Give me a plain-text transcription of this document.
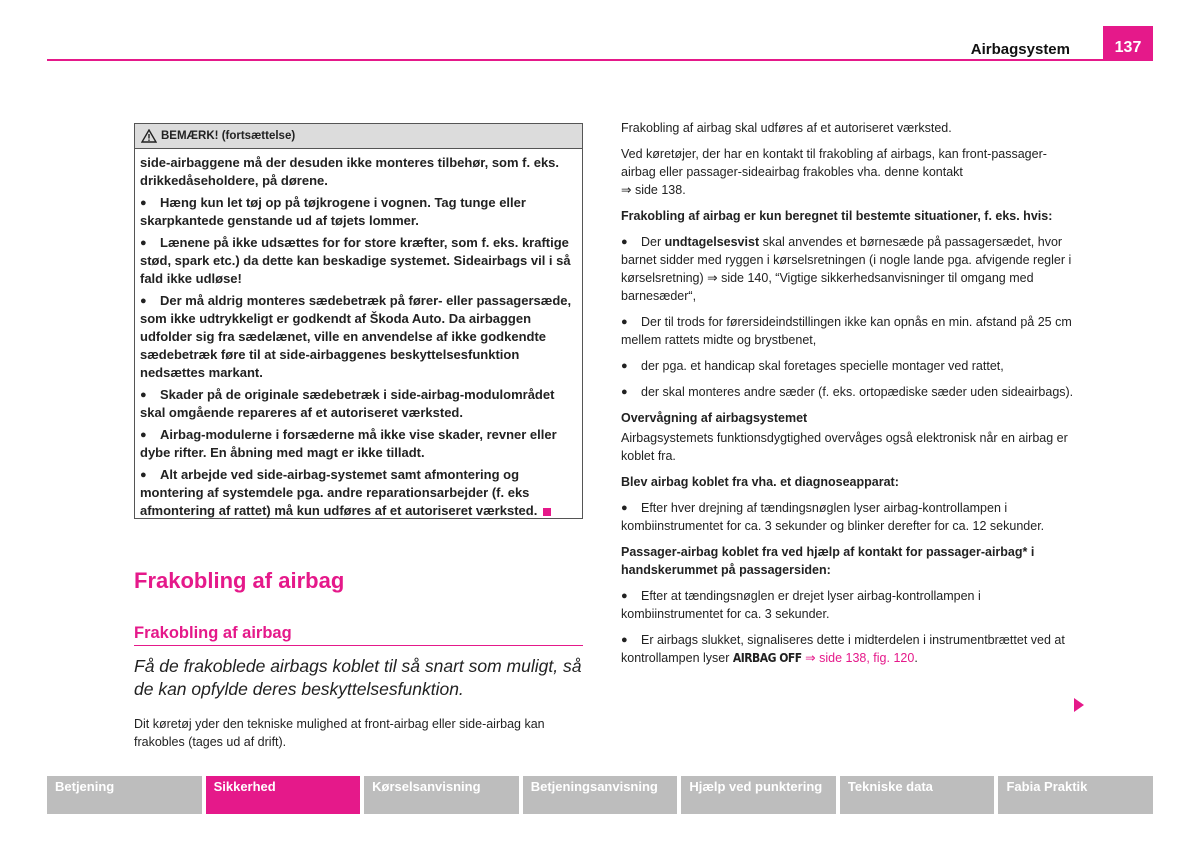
Airbagsystem	137
BEMÆRK! (fortsættelse)

side-airbaggene må der desuden ikke monteres tilbehør, som f. eks. drikkedåseholdere, på dørene.

● Hæng kun let tøj op på tøjkrogene i vognen. Tag tunge eller skarpkantede genstande ud af tøjets lommer.

● Lænene på ikke udsættes for for store kræfter, som f. eks. kraftige stød, spark etc.) da dette kan beskadige systemet. Sideairbags vil i så fald ikke udløse!

● Der må aldrig monteres sædebetræk på fører- eller passagersæde, som ikke udtrykkeligt er godkendt af Škoda Auto. Da airbaggen udfolder sig fra sædelænet, ville en anvendelse af ikke godkendte sædebetræk føre til at side-airbaggenes beskyttelsesfunktion nedsættes markant.

● Skader på de originale sædebetræk i side-airbag-modulområdet skal omgående repareres af et autoriseret værksted.

● Airbag-modulerne i forsæderne må ikke vise skader, revner eller dybe rifter. En åbning med magt er ikke tilladt.

● Alt arbejde ved side-airbag-systemet samt afmontering og montering af systemdele pga. andre reparationsarbejder (f. eks afmontering af rattet) må kun udføres af et autoriseret værksted.

Frakobling af airbag
Frakobling af airbag
Få de frakoblede airbags koblet til så snart som muligt, så de kan opfylde deres beskyttelsesfunktion.
Dit køretøj yder den tekniske mulighed at front-airbag eller side-airbag kan frakobles (tages ud af drift).

Frakobling af airbag skal udføres af et autoriseret værksted.

Ved køretøjer, der har en kontakt til frakobling af airbags, kan front-passager-airbag eller passager-sideairbag frakobles vha. denne kontakt
⇒ side 138.

Frakobling af airbag er kun beregnet til bestemte situationer, f. eks. hvis:

● Der undtagelsesvist skal anvendes et børnesæde på passagersædet, hvor barnet sidder med ryggen i kørselsretningen (i nogle lande pga. afvigende regler i kørselsretning) ⇒ side 140, “Vigtige sikkerhedsanvisninger til omgang med barnesæder“,

● Der til trods for førersideindstillingen ikke kan opnås en min. afstand på 25 cm mellem rattets midte og brystbenet,

● der pga. et handicap skal foretages specielle montager ved rattet,

● der skal monteres andre sæder (f. eks. ortopædiske sæder uden sideairbags).

Overvågning af airbagsystemet

Airbagsystemets funktionsdygtighed overvåges også elektronisk når en airbag er koblet fra.

Blev airbag koblet fra vha. et diagnoseapparat:

● Efter hver drejning af tændingsnøglen lyser airbag-kontrollampen i kombiinstrumentet for ca. 3 sekunder og blinker derefter for ca. 12 sekunder.

Passager-airbag koblet fra ved hjælp af kontakt for passager-airbag* i handskerummet på passagersiden:

● Efter at tændingsnøglen er drejet lyser airbag-kontrollampen i kombiinstrumentet for ca. 3 sekunder.

● Er airbags slukket, signaliseres dette i midterdelen i instrumentbrættet ved at kontrollampen lyser AIRBAG OFF ⇒ side 138, fig. 120.

Betjening	Sikkerhed	Kørselsanvisning	Betjeningsanvisning	Hjælp ved punktering	Tekniske data	Fabia Praktik
